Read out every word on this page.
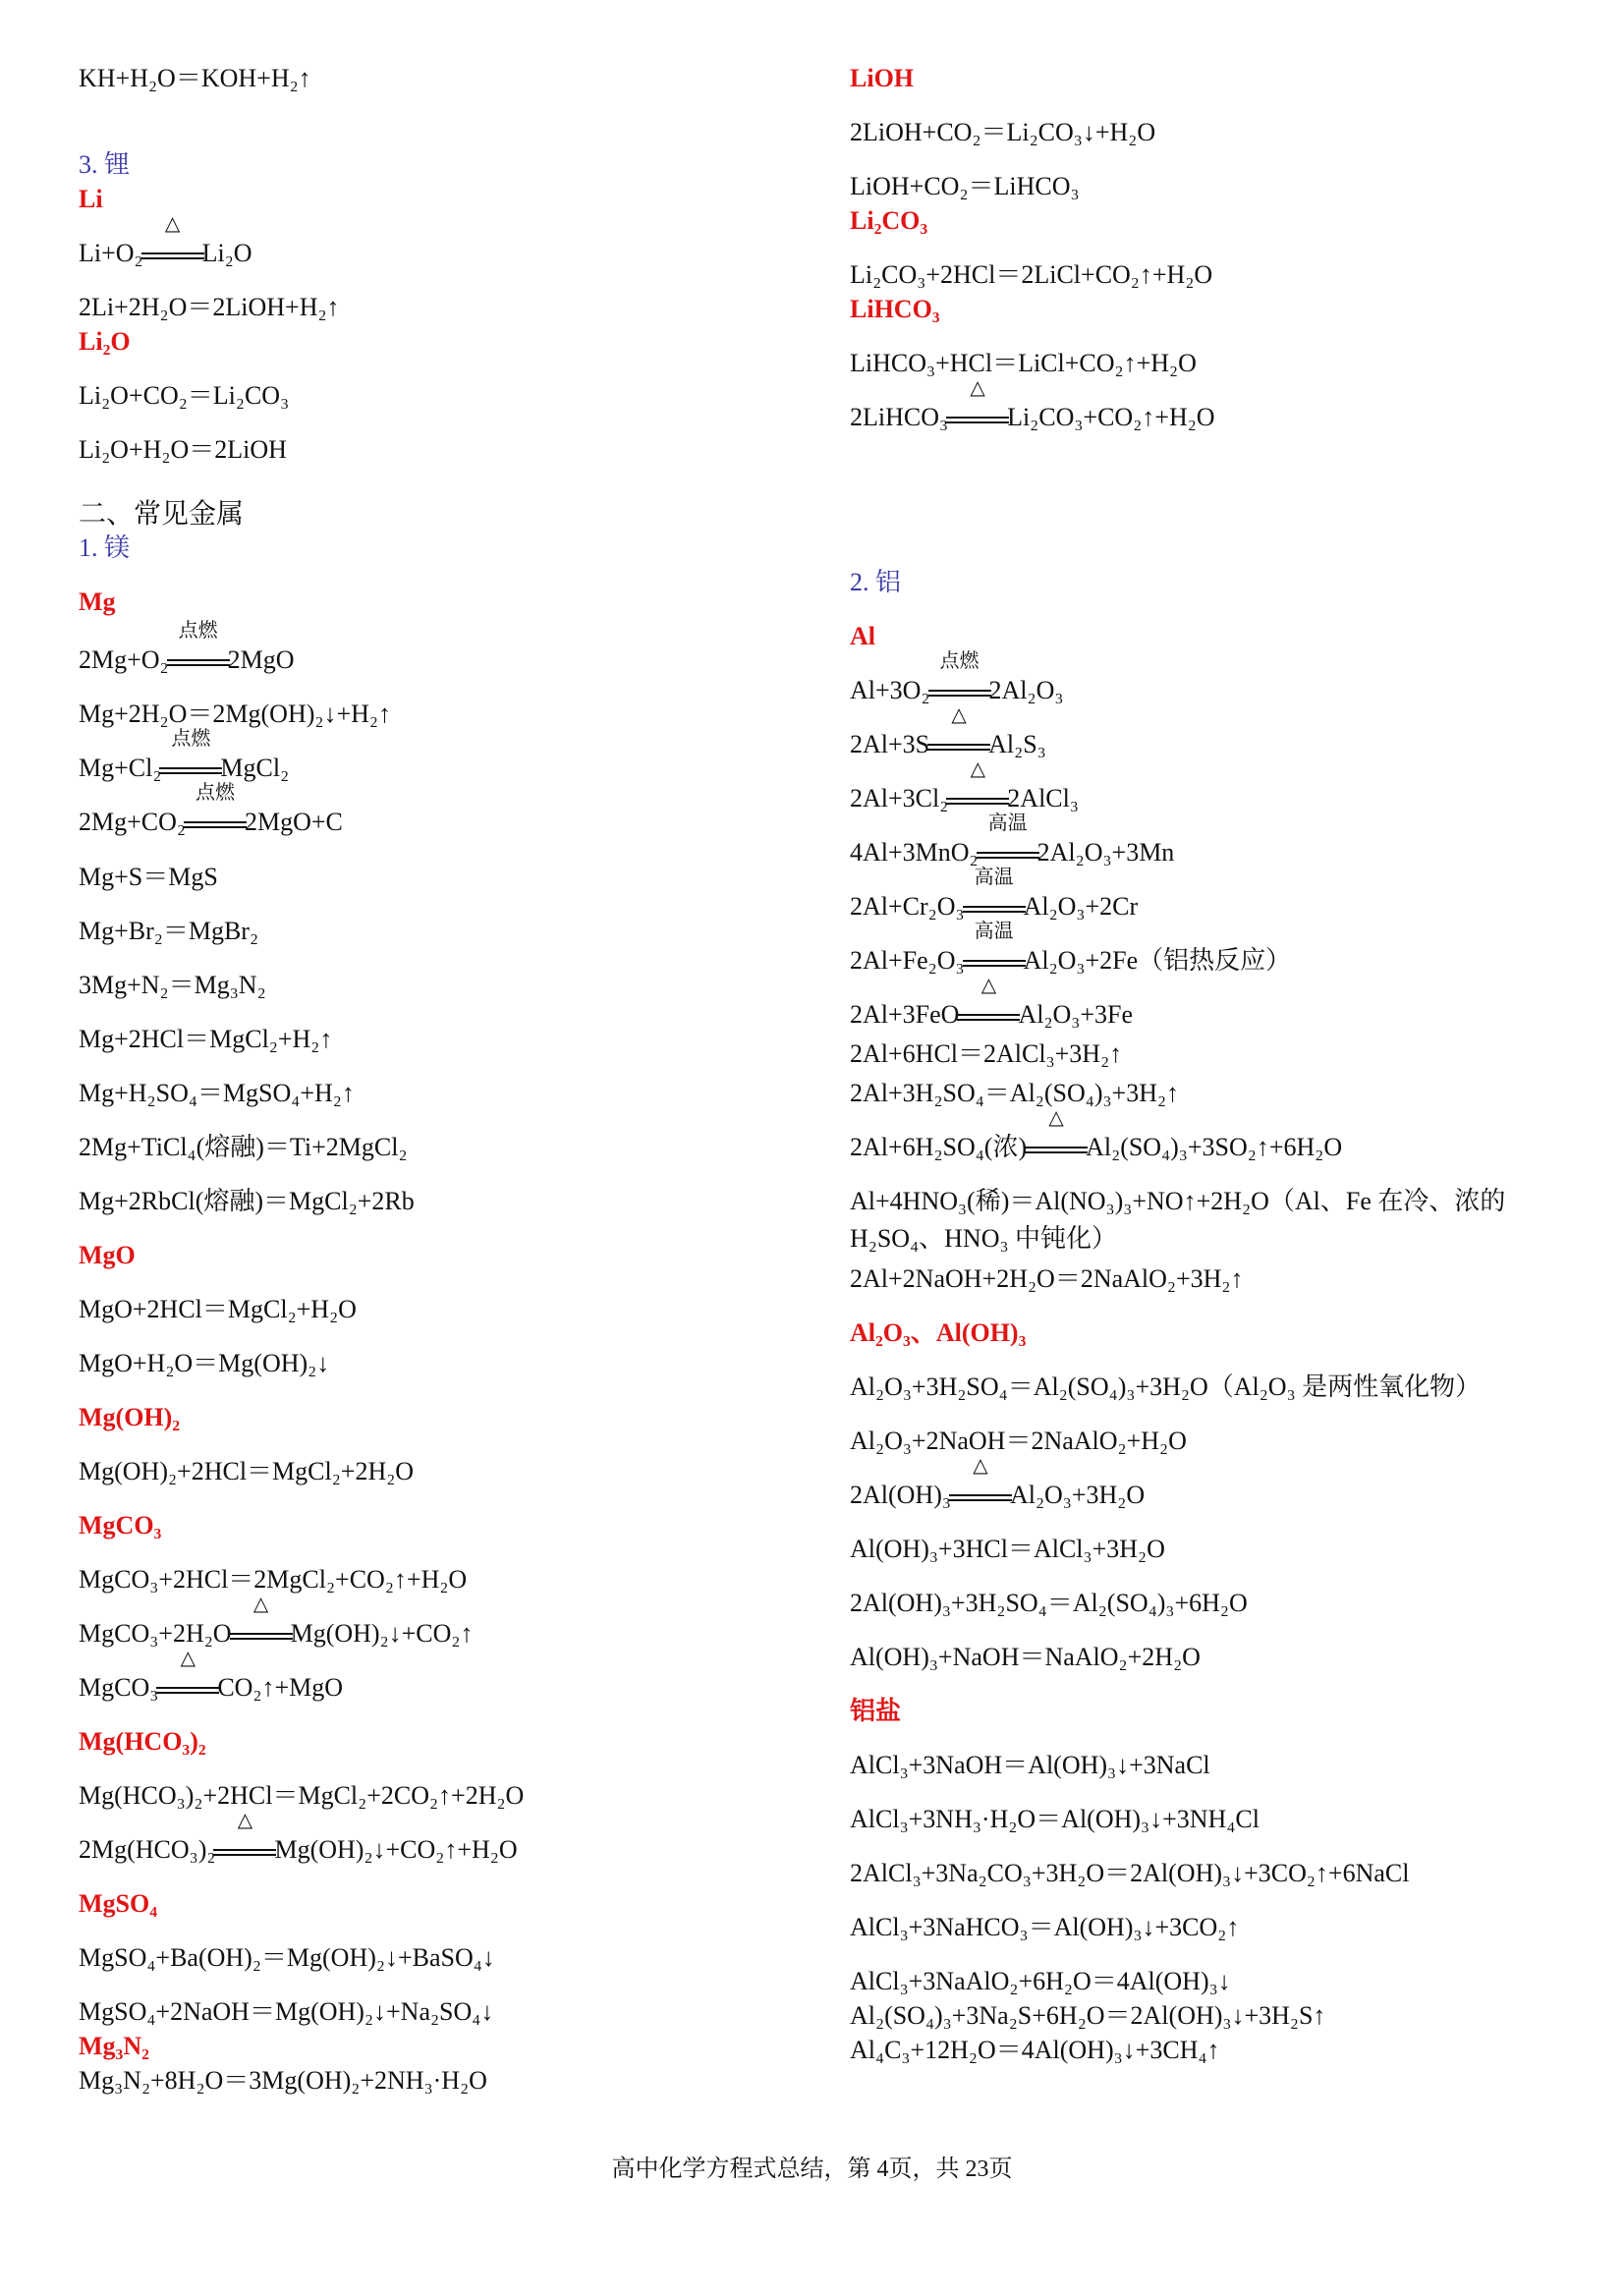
KH+H₂O＝KOH+H₂↑
3. 锂
Li
Li+O₂
△
Li₂O
2Li+2H₂O＝2LiOH+H₂↑
Li₂O
Li₂O+CO₂＝Li₂CO₃
Li₂O+H₂O＝2LiOH
二、常见金属
1. 镁
Mg
2Mg+O₂
点燃
2MgO
Mg+2H₂O＝2Mg(OH)₂↓+H₂↑
Mg+Cl₂
点燃
MgCl₂
2Mg+CO₂
点燃
2MgO+C
Mg+S＝MgS
Mg+Br₂＝MgBr₂
3Mg+N₂＝Mg₃N₂
Mg+2HCl＝MgCl₂+H₂↑
Mg+H₂SO₄＝MgSO₄+H₂↑
2Mg+TiCl₄(熔融)＝Ti+2MgCl₂
Mg+2RbCl(熔融)＝MgCl₂+2Rb
MgO
MgO+2HCl＝MgCl₂+H₂O
MgO+H₂O＝Mg(OH)₂↓
Mg(OH)₂
Mg(OH)₂+2HCl＝MgCl₂+2H₂O
MgCO₃
MgCO₃+2HCl＝2MgCl₂+CO₂↑+H₂O
MgCO₃+2H₂O
△
Mg(OH)₂↓+CO₂↑
MgCO₃
△
CO₂↑+MgO
Mg(HCO₃)₂
Mg(HCO₃)₂+2HCl＝MgCl₂+2CO₂↑+2H₂O
2Mg(HCO₃)₂
△
Mg(OH)₂↓+CO₂↑+H₂O
MgSO₄
MgSO₄+Ba(OH)₂＝Mg(OH)₂↓+BaSO₄↓
MgSO₄+2NaOH＝Mg(OH)₂↓+Na₂SO₄↓
Mg₃N₂
Mg₃N₂+8H₂O＝3Mg(OH)₂+2NH₃·H₂O
LiOH
2LiOH+CO₂＝Li₂CO₃↓+H₂O
LiOH+CO₂＝LiHCO₃
Li₂CO₃
Li₂CO₃+2HCl＝2LiCl+CO₂↑+H₂O
LiHCO₃
LiHCO₃+HCl＝LiCl+CO₂↑+H₂O
2LiHCO₃
△
Li₂CO₃+CO₂↑+H₂O
2. 铝
Al
Al+3O₂
点燃
2Al₂O₃
2Al+3S
△
Al₂S₃
2Al+3Cl₂
△
2AlCl₃
4Al+3MnO₂
高温
2Al₂O₃+3Mn
2Al+Cr₂O₃
高温
Al₂O₃+2Cr
2Al+Fe₂O₃
高温
Al₂O₃+2Fe（铝热反应）
2Al+3FeO
△
Al₂O₃+3Fe
2Al+6HCl＝2AlCl₃+3H₂↑
2Al+3H₂SO₄＝Al₂(SO₄)₃+3H₂↑
2Al+6H₂SO₄(浓)
△
Al₂(SO₄)₃+3SO₂↑+6H₂O
Al+4HNO₃(稀)＝Al(NO₃)₃+NO↑+2H₂O（Al、Fe 在冷、浓的 H₂SO₄、HNO₃ 中钝化）
2Al+2NaOH+2H₂O＝2NaAlO₂+3H₂↑
Al₂O₃、Al(OH)₃
Al₂O₃+3H₂SO₄＝Al₂(SO₄)₃+3H₂O（Al₂O₃ 是两性氧化物）
Al₂O₃+2NaOH＝2NaAlO₂+H₂O
2Al(OH)₃
△
Al₂O₃+3H₂O
Al(OH)₃+3HCl＝AlCl₃+3H₂O
2Al(OH)₃+3H₂SO₄＝Al₂(SO₄)₃+6H₂O
Al(OH)₃+NaOH＝NaAlO₂+2H₂O
铝盐
AlCl₃+3NaOH＝Al(OH)₃↓+3NaCl
AlCl₃+3NH₃·H₂O＝Al(OH)₃↓+3NH₄Cl
2AlCl₃+3Na₂CO₃+3H₂O＝2Al(OH)₃↓+3CO₂↑+6NaCl
AlCl₃+3NaHCO₃＝Al(OH)₃↓+3CO₂↑
AlCl₃+3NaAlO₂+6H₂O＝4Al(OH)₃↓
Al₂(SO₄)₃+3Na₂S+6H₂O＝2Al(OH)₃↓+3H₂S↑
Al₄C₃+12H₂O＝4Al(OH)₃↓+3CH₄↑
高中化学方程式总结，第 4页，共 23页
